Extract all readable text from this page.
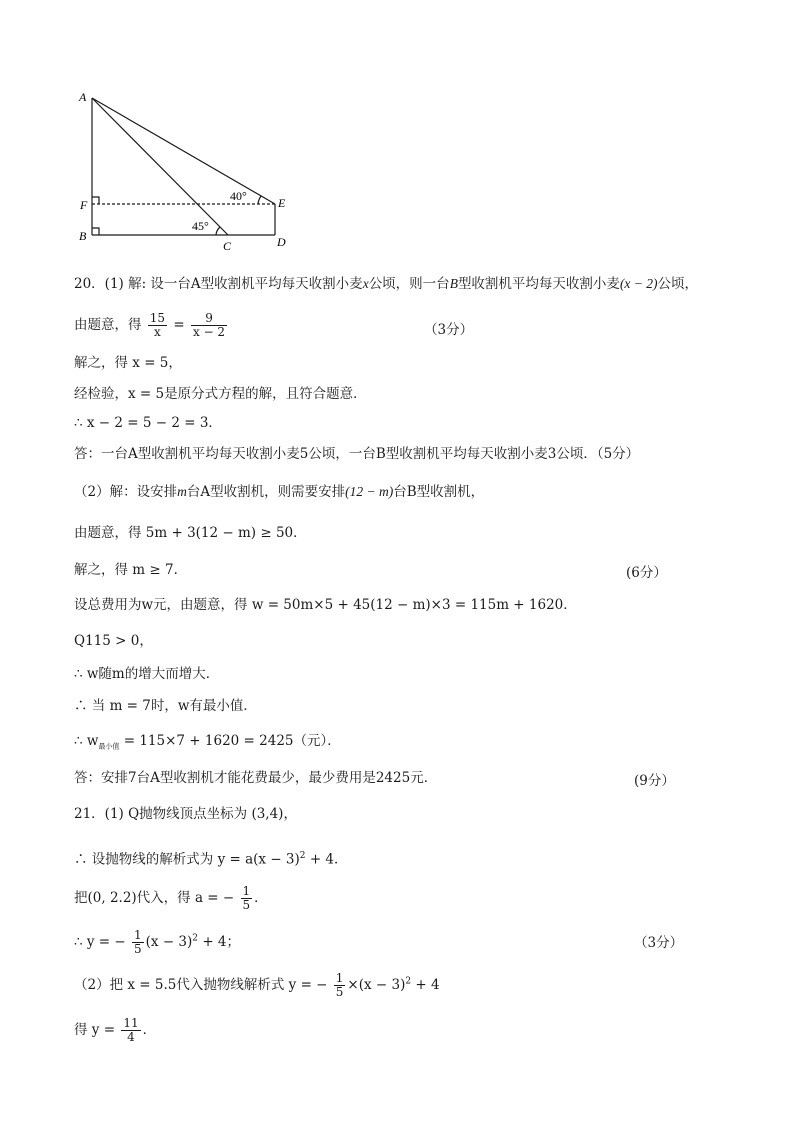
A
F
B
C	D
E
40°
45°
20．(1) 解: 设一台A型收割机平均每天收割小麦x公顷，则一台B型收割机平均每天收割小麦(x − 2)公顷，
由题意，得 $\frac{15}{x} = \frac{9}{x - 2}$	（3分）
解之，得 x = 5，
经检验，x = 5是原分式方程的解，且符合题意．
∴ x − 2 = 5 − 2 = 3．
答：一台A型收割机平均每天收割小麦5公顷，一台B型收割机平均每天收割小麦3公顷．（5分）
（2）解：设安排m台A型收割机，则需要安排(12 − m)台B型收割机，
由题意，得 5m + 3(12 − m) ≥ 50．
解之，得 m ≥ 7．	(6分）
设总费用为w元，由题意，得 w = 50m×5 + 45(12 − m)×3 = 115m + 1620．
Q115 > 0，
∴ w随m的增大而增大．
∴ 当 m = 7时，w有最小值．
∴ $w_{最小值} = 115\times 7 + 1620 = 2425$（元）．
答：安排7台A型收割机才能花费最少，最少费用是2425元．	(9分）
21．(1) Q抛物线顶点坐标为 (3,4)，
∴ 设抛物线的解析式为 $y = a(x - 3)^2 + 4$．
把(0, 2.2)代入，得 a = − $\frac{1}{5}$ ．
∴ y = − $\frac{1}{5} (x - 3)^2 + 4$；	（3分）
（2）把 x = 5.5代入抛物线解析式 y = − $\frac{1}{5} \times(x - 3)^2 + 4$
得 $y = \frac{11}{4}$ ．
